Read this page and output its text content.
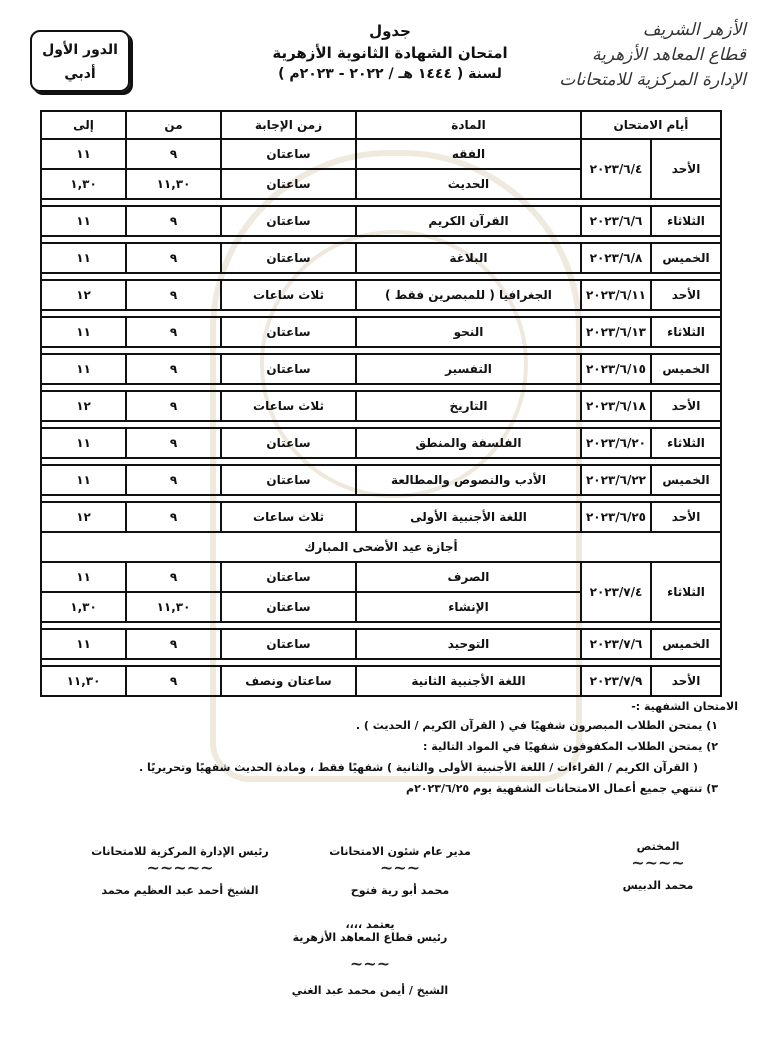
الأزهر الشريف
قطاع المعاهد الأزهرية
الإدارة المركزية للامتحانات
جدول
امتحان الشهادة الثانوية الأزهرية
لسنة ( ١٤٤٤ هـ / ٢٠٢٢ - ٢٠٢٣م )
الدور الأول
أدبي
أيام الامتحان		المادة	زمن الإجابة	من	إلى
الأحد	٢٠٢٣/٦/٤	الفقه	ساعتان	٩	١١
		الحديث	ساعتان	١١,٣٠	١,٣٠

الثلاثاء	٢٠٢٣/٦/٦	القرآن الكريم	ساعتان	٩	١١

الخميس	٢٠٢٣/٦/٨	البلاغة	ساعتان	٩	١١

الأحد	٢٠٢٣/٦/١١	الجغرافيا ( للمبصرين فقط )	ثلاث ساعات	٩	١٢

الثلاثاء	٢٠٢٣/٦/١٣	النحو	ساعتان	٩	١١

الخميس	٢٠٢٣/٦/١٥	التفسير	ساعتان	٩	١١

الأحد	٢٠٢٣/٦/١٨	التاريخ	ثلاث ساعات	٩	١٢

الثلاثاء	٢٠٢٣/٦/٢٠	الفلسفة والمنطق	ساعتان	٩	١١

الخميس	٢٠٢٣/٦/٢٢	الأدب والنصوص والمطالعة	ساعتان	٩	١١

الأحد	٢٠٢٣/٦/٢٥	اللغة الأجنبية الأولى	ثلاث ساعات	٩	١٢
أجازة عيد الأضحى المبارك					
الثلاثاء	٢٠٢٣/٧/٤	الصرف	ساعتان	٩	١١
		الإنشاء	ساعتان	١١,٣٠	١,٣٠

الخميس	٢٠٢٣/٧/٦	التوحيد	ساعتان	٩	١١

الأحد	٢٠٢٣/٧/٩	اللغة الأجنبية الثانية	ساعتان ونصف	٩	١١,٣٠
الامتحان الشفهية :-
١) يمتحن الطلاب المبصرون شفهيًا في ( القرآن الكريم / الحديث ) .
٢) يمتحن الطلاب المكفوفون شفهيًا في المواد التالية :
( القرآن الكريم / القراءات / اللغة الأجنبية الأولى والثانية ) شفهيًا فقط ، ومادة الحديث شفهيًا وتحريريًا .
٣) تنتهي جميع أعمال الامتحانات الشفهية يوم ٢٠٢٣/٦/٢٥م
المختص
~~~~
محمد الدبيس
مدير عام شئون الامتحانات
~~~
محمد أبو رية فتوح
رئيس الإدارة المركزية للامتحانات
~~~~~
الشيخ أحمد عبد العظيم محمد
يعتمد ،،،،
رئيس قطاع المعاهد الأزهرية
~~~
الشيخ / أيمن محمد عبد الغني
